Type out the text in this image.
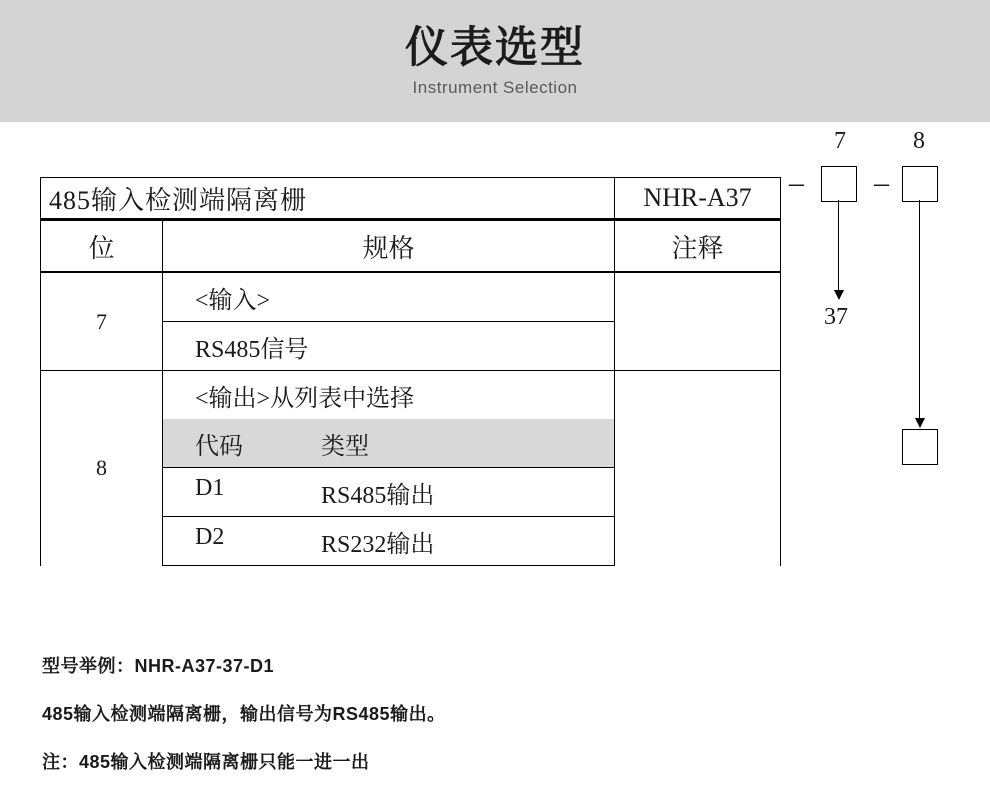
仪表选型
Instrument Selection
485输入检测端隔离栅		NHR-A37
位	规格	注释
7	<输入>	
	RS485信号	
8	<输出>从列表中选择	

	代码 类型	

	D1 RS485输出	

	D2 RS232输出	
7	8
– –
37
型号举例：NHR-A37-37-D1
485输入检测端隔离栅，输出信号为RS485输出。
注：485输入检测端隔离栅只能一进一出
